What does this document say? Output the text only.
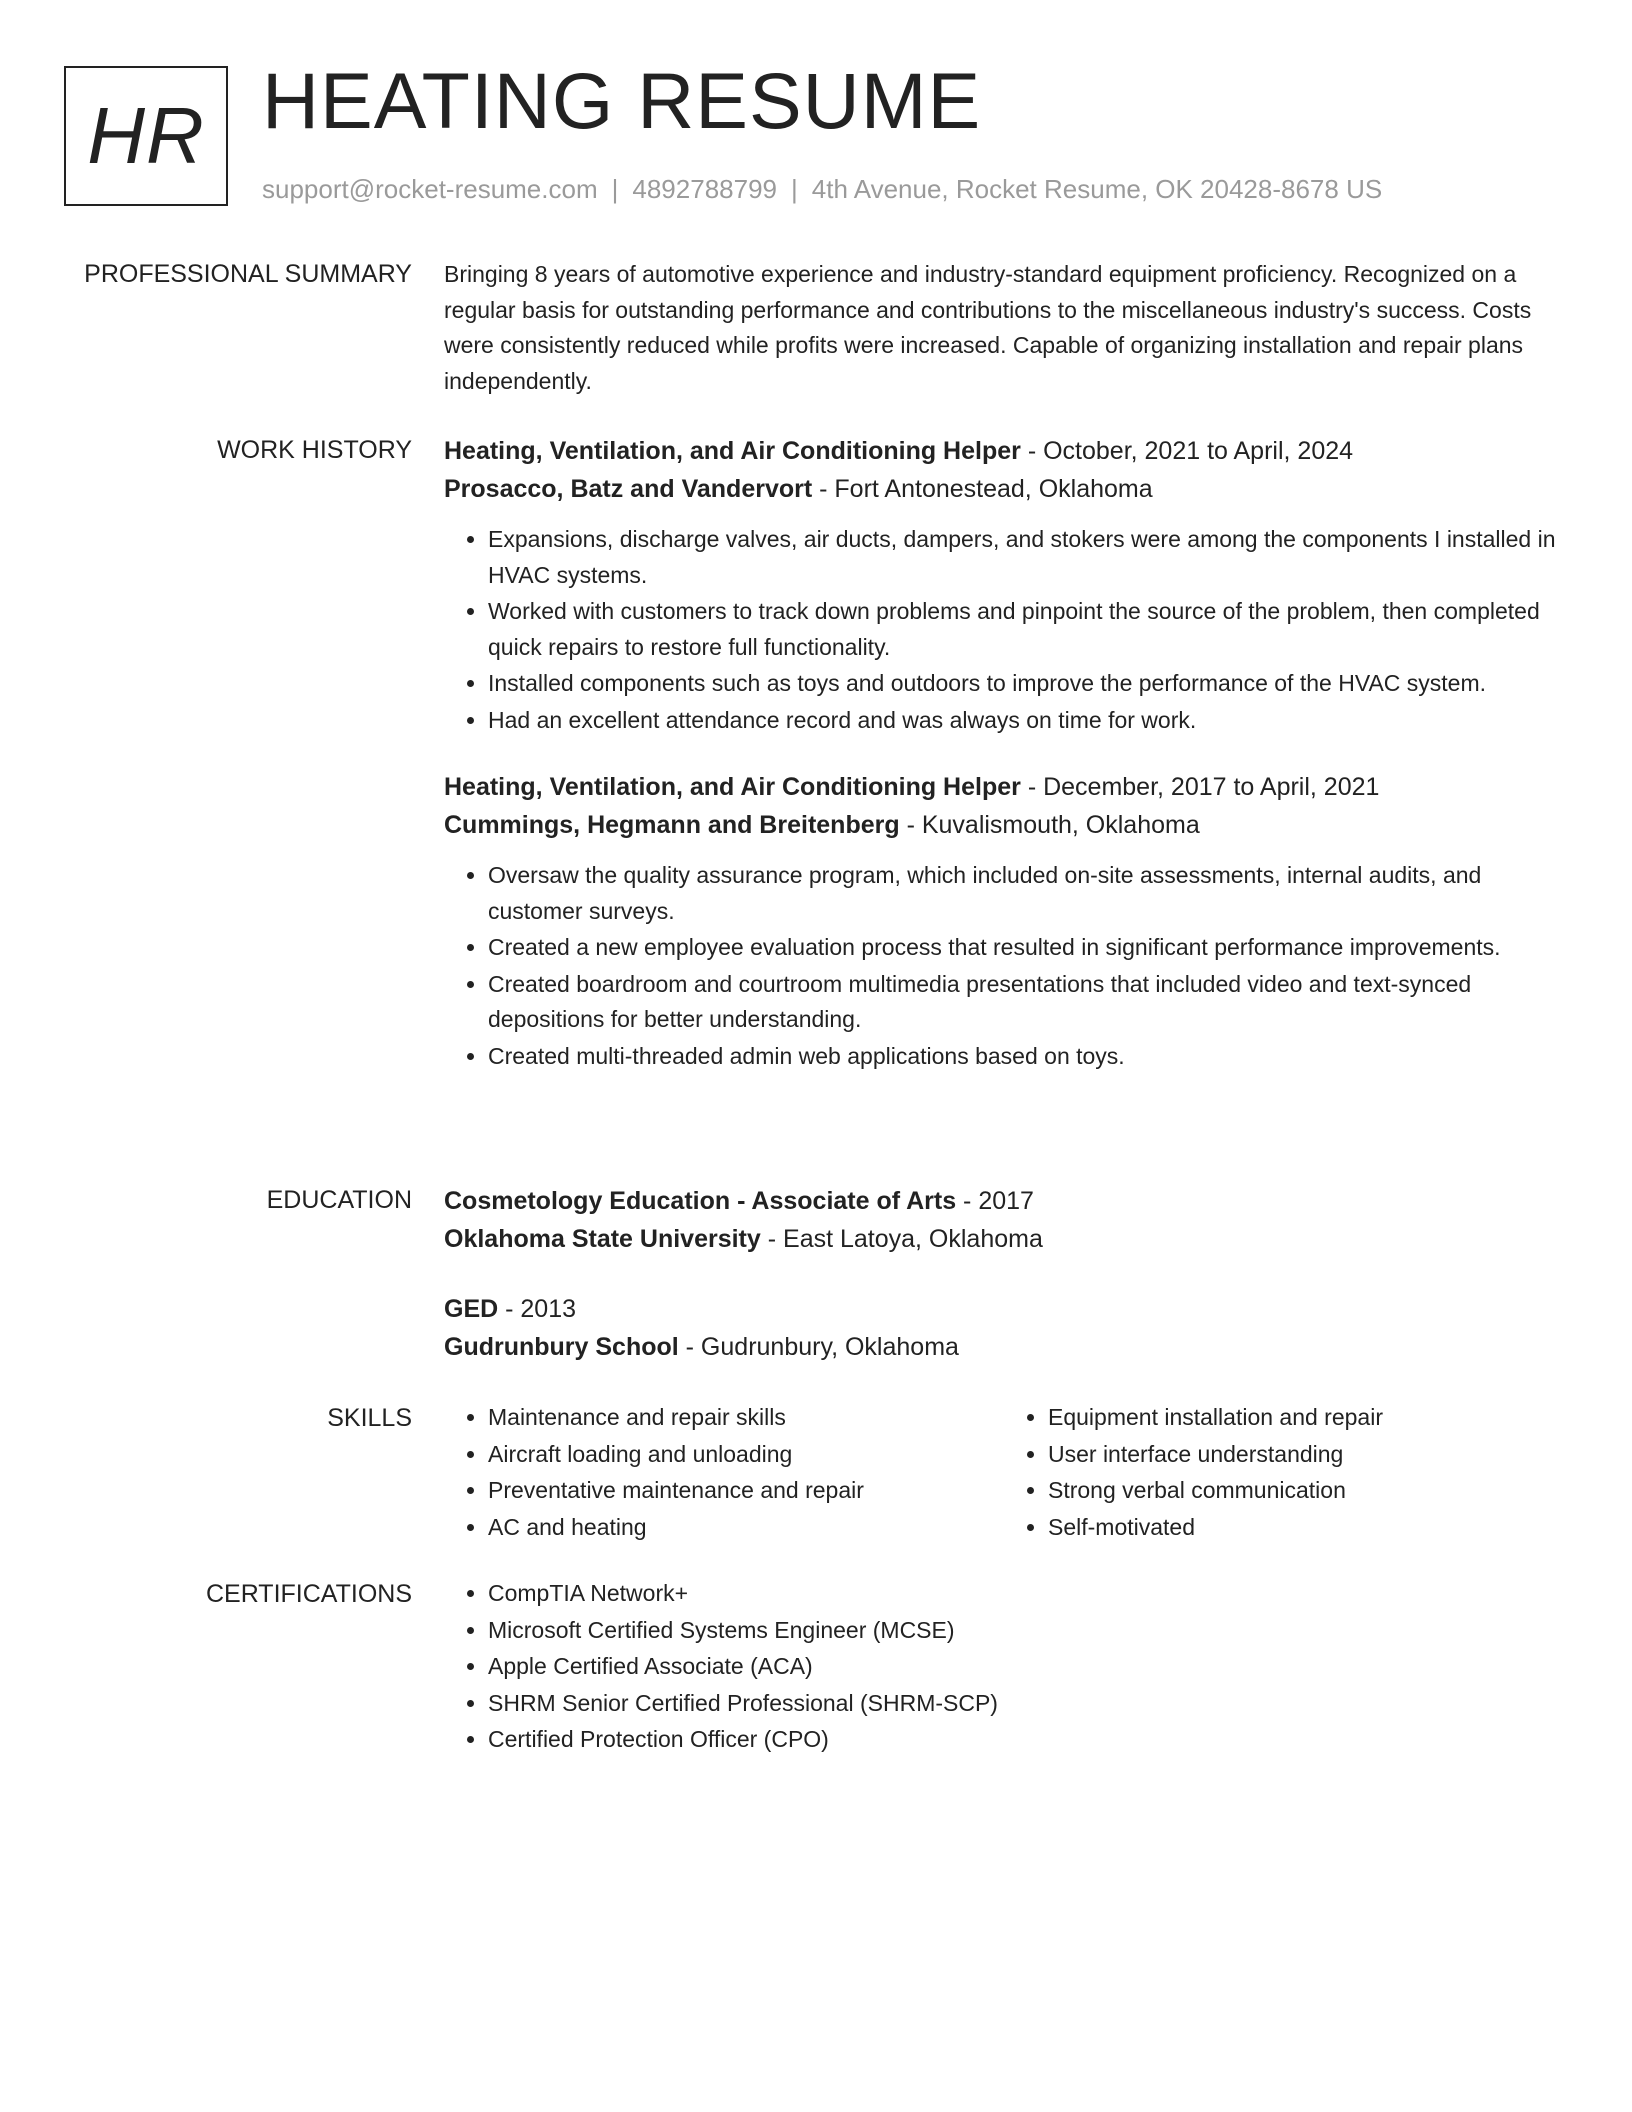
HR HEATING RESUME
support@rocket-resume.com | 4892788799 | 4th Avenue, Rocket Resume, OK 20428-8678 US
PROFESSIONAL SUMMARY Bringing 8 years of automotive experience and industry-standard equipment proficiency. Recognized on a regular basis for outstanding performance and contributions to the miscellaneous industry's success. Costs were consistently reduced while profits were increased. Capable of organizing installation and repair plans independently.

WORK HISTORY Heating, Ventilation, and Air Conditioning Helper - October, 2021 to April, 2024

Prosacco, Batz and Vandervort - Fort Antonestead, Oklahoma

• Expansions, discharge valves, air ducts, dampers, and stokers were among the components I installed in HVAC systems.
• Worked with customers to track down problems and pinpoint the source of the problem, then completed quick repairs to restore full functionality.
• Installed components such as toys and outdoors to improve the performance of the HVAC system.
• Had an excellent attendance record and was always on time for work.

Heating, Ventilation, and Air Conditioning Helper - December, 2017 to April, 2021

Cummings, Hegmann and Breitenberg - Kuvalismouth, Oklahoma

• Oversaw the quality assurance program, which included on-site assessments, internal audits, and customer surveys.
• Created a new employee evaluation process that resulted in significant performance improvements.
• Created boardroom and courtroom multimedia presentations that included video and text-synced depositions for better understanding.
• Created multi-threaded admin web applications based on toys.
EDUCATION Cosmetology Education - Associate of Arts - 2017

Oklahoma State University - East Latoya, Oklahoma

GED - 2013

Gudrunbury School - Gudrunbury, Oklahoma

SKILLS	• Maintenance and repair skills
• Aircraft loading and unloading
• Preventative maintenance and repair
• AC and heating
• Equipment installation and repair
• User interface understanding
• Strong verbal communication
• Self-motivated
CERTIFICATIONS	• CompTIA Network+
• Microsoft Certified Systems Engineer (MCSE)
• Apple Certified Associate (ACA)
• SHRM Senior Certified Professional (SHRM-SCP)
• Certified Protection Officer (CPO)
